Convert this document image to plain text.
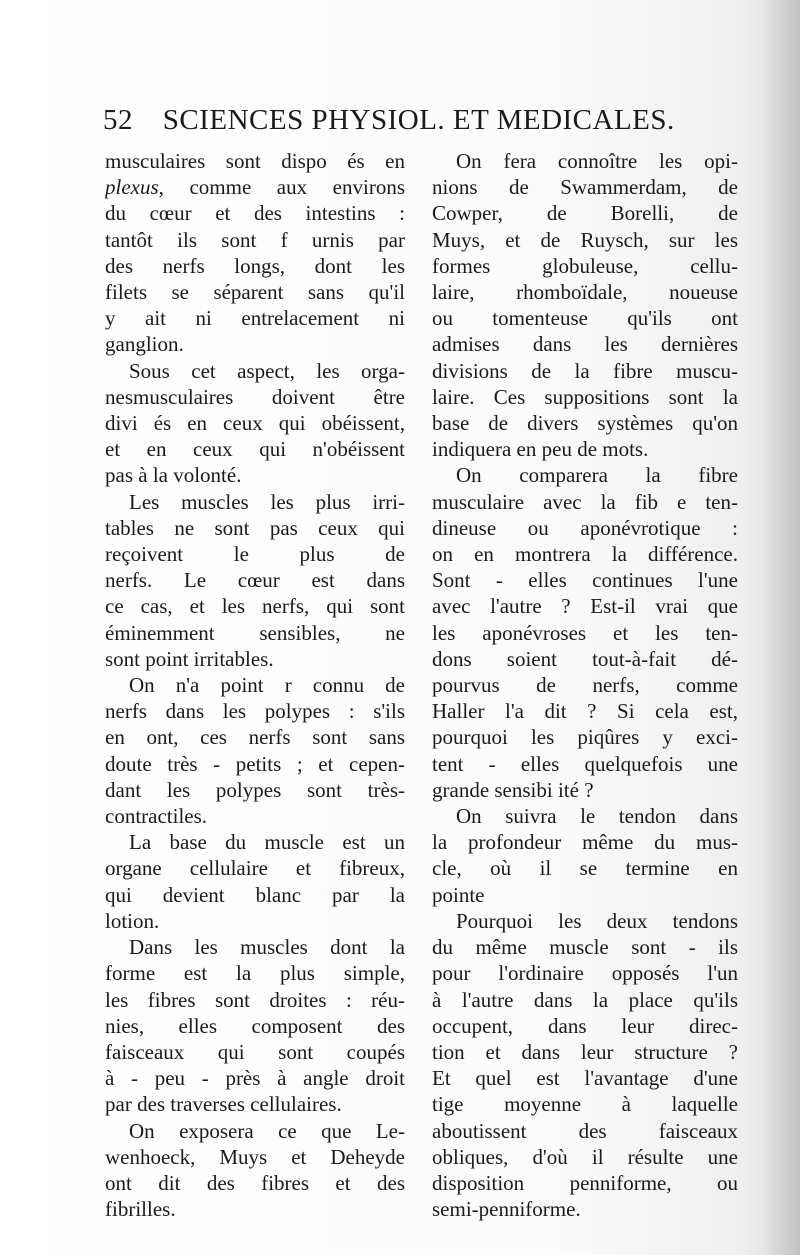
52 SCIENCES PHYSIOL. ET MEDICALES.
musculaires sont dispo és en
plexus, comme aux environs
du cœur et des intestins :
tantôt ils sont f urnis par
des nerfs longs, dont les
filets se séparent sans qu'il
y ait ni entrelacement ni
ganglion.
Sous cet aspect, les orga-
nesmusculaires doivent être
divi és en ceux qui obéissent,
et en ceux qui n'obéissent
pas à la volonté.
Les muscles les plus irri-
tables ne sont pas ceux qui
reçoivent le plus de
nerfs. Le cœur est dans
ce cas, et les nerfs, qui sont
éminemment sensibles, ne
sont point irritables.
On n'a point r connu de
nerfs dans les polypes : s'ils
en ont, ces nerfs sont sans
doute très - petits ; et cepen-
dant les polypes sont très-
contractiles.
La base du muscle est un
organe cellulaire et fibreux,
qui devient blanc par la
lotion.
Dans les muscles dont la
forme est la plus simple,
les fibres sont droites : réu-
nies, elles composent des
faisceaux qui sont coupés
à - peu - près à angle droit
par des traverses cellulaires.
On exposera ce que Le-
wenhoeck, Muys et Deheyde
ont dit des fibres et des
fibrilles.
On fera connoître les opi-
nions de Swammerdam, de
Cowper, de Borelli, de
Muys, et de Ruysch, sur les
formes globuleuse, cellu-
laire, rhomboïdale, noueuse
ou tomenteuse qu'ils ont
admises dans les dernières
divisions de la fibre muscu-
laire. Ces suppositions sont la
base de divers systèmes qu'on
indiquera en peu de mots.
On comparera la fibre
musculaire avec la fib e ten-
dineuse ou aponévrotique :
on en montrera la différence.
Sont - elles continues l'une
avec l'autre ? Est-il vrai que
les aponévroses et les ten-
dons soient tout-à-fait dé-
pourvus de nerfs, comme
Haller l'a dit ? Si cela est,
pourquoi les piqûres y exci-
tent - elles quelquefois une
grande sensibi ité ?
On suivra le tendon dans
la profondeur même du mus-
cle, où il se termine en
pointe
Pourquoi les deux tendons
du même muscle sont - ils
pour l'ordinaire opposés l'un
à l'autre dans la place qu'ils
occupent, dans leur direc-
tion et dans leur structure ?
Et quel est l'avantage d'une
tige moyenne à laquelle
aboutissent des faisceaux
obliques, d'où il résulte une
disposition penniforme, ou
semi-penniforme.
